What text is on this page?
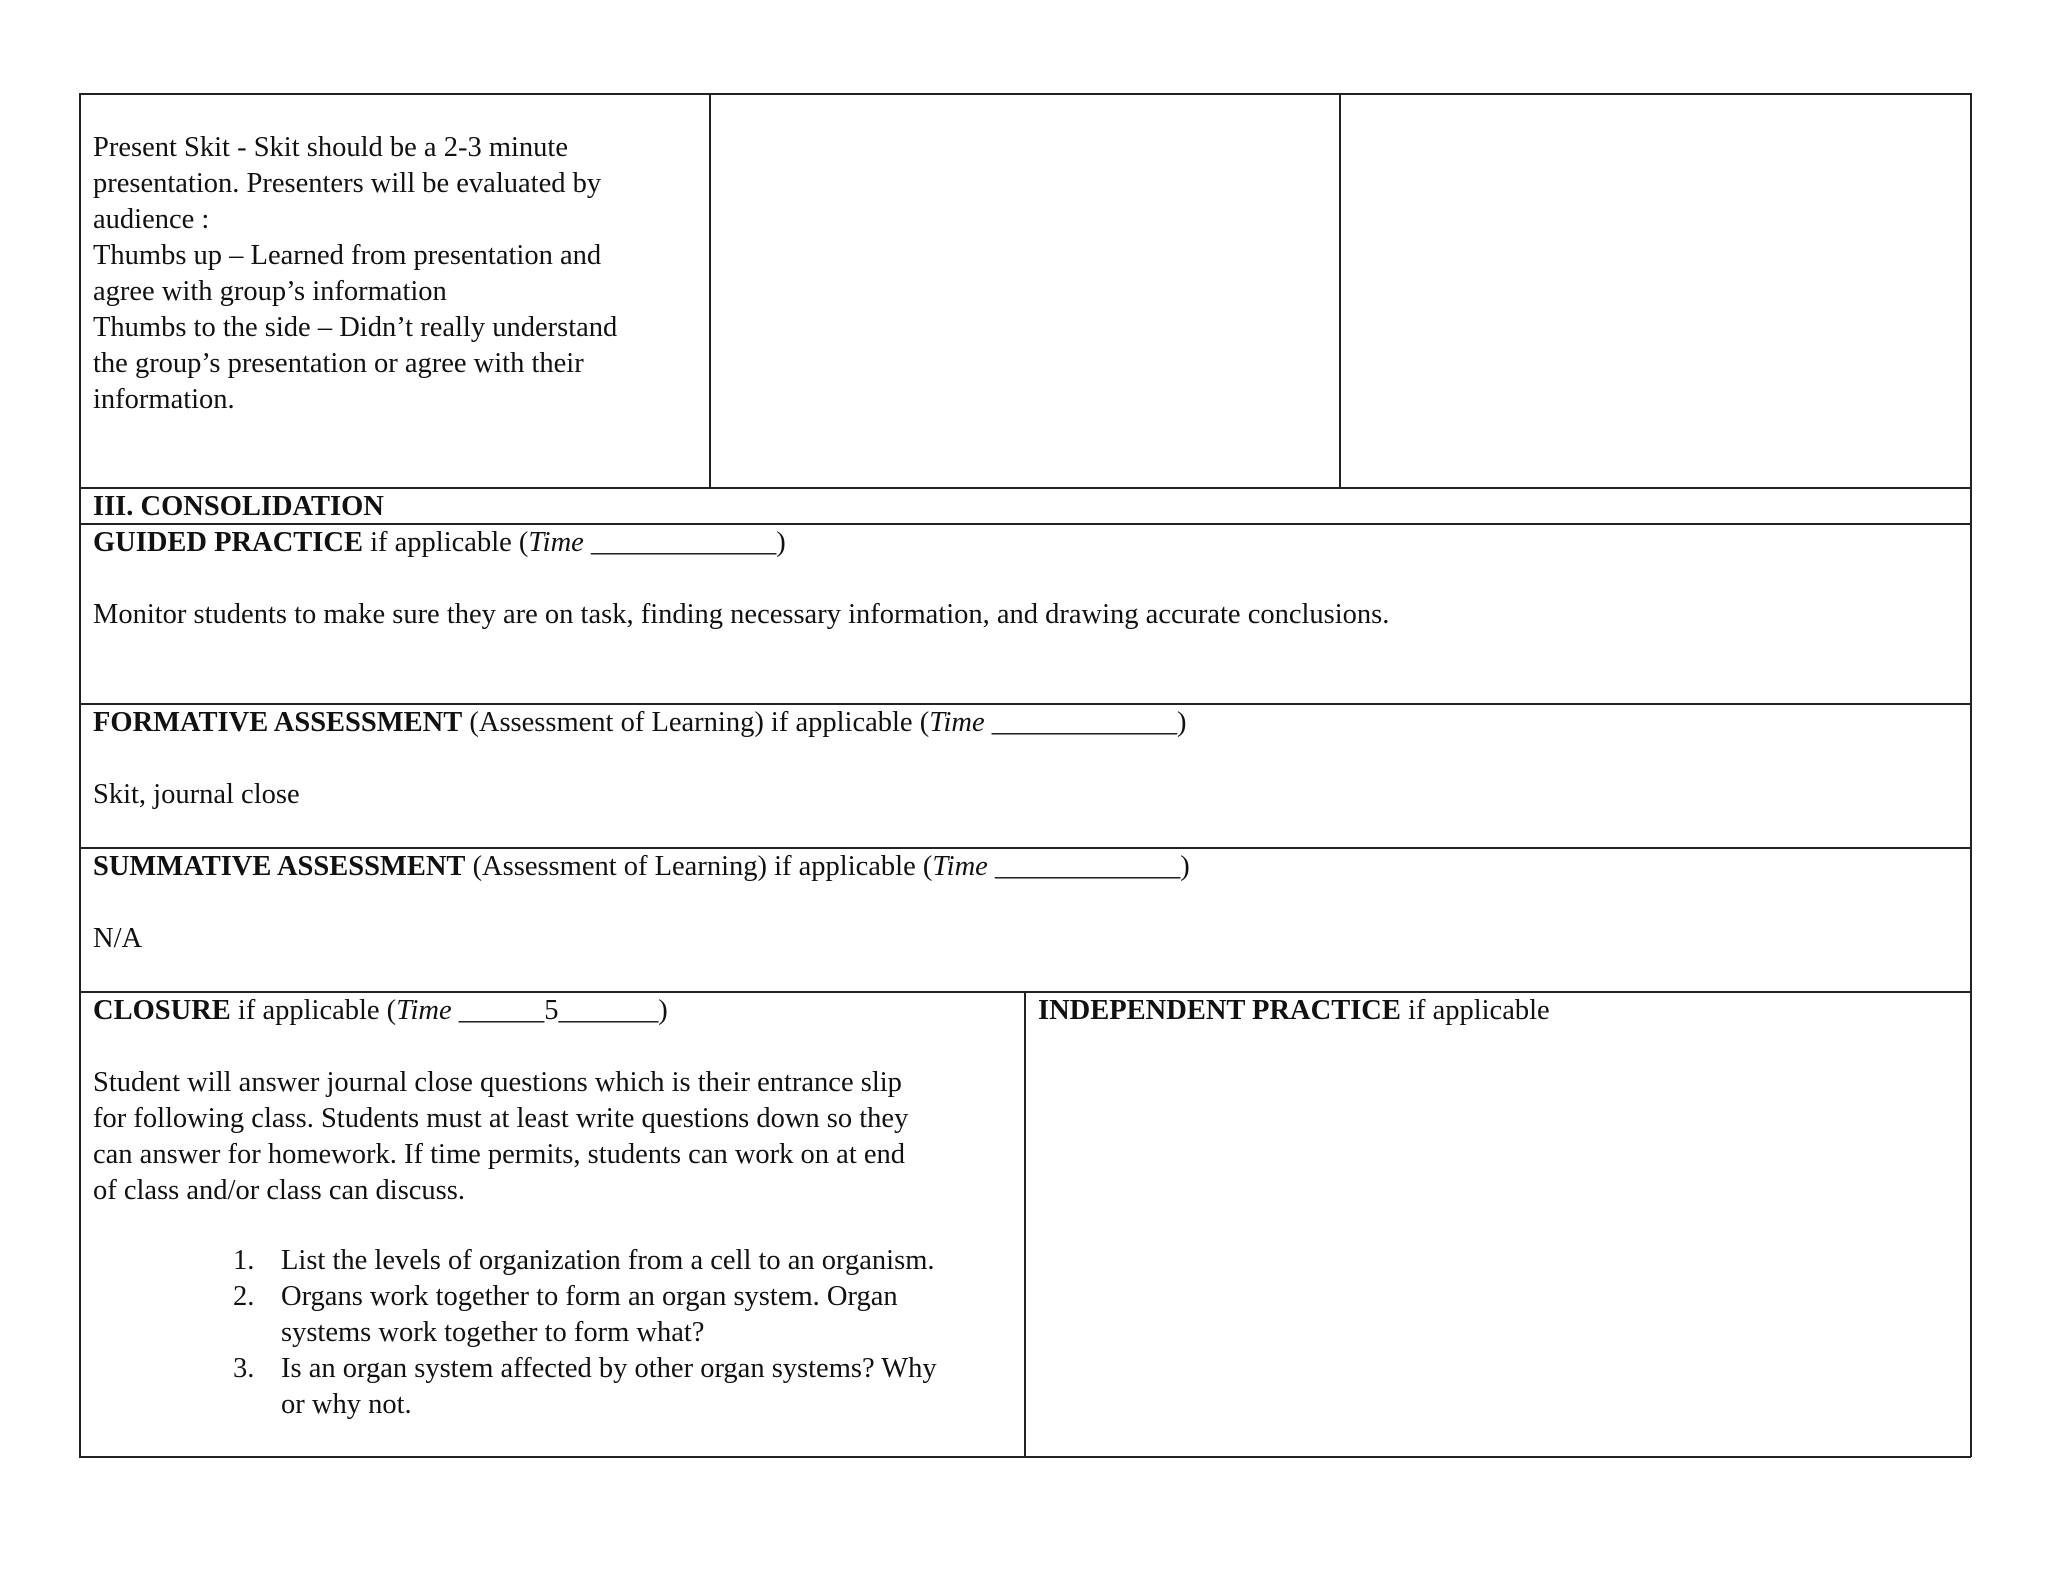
Present Skit - Skit should be a 2-3 minute

presentation. Presenters will be evaluated by

audience :

Thumbs up – Learned from presentation and

agree with group’s information

Thumbs to the side – Didn’t really understand

the group’s presentation or agree with their

information.

III. CONSOLIDATION
GUIDED PRACTICE if applicable (Time _____________)
Monitor students to make sure they are on task, finding necessary information, and drawing accurate conclusions.
FORMATIVE ASSESSMENT (Assessment of Learning) if applicable (Time _____________)
Skit, journal close
SUMMATIVE ASSESSMENT (Assessment of Learning) if applicable (Time _____________)
N/A
CLOSURE if applicable (Time ______5_______)

Student will answer journal close questions which is their entrance slip

for following class. Students must at least write questions down so they

can answer for homework. If time permits, students can work on at end

of class and/or class can discuss.

1. List the levels of organization from a cell to an organism.
2. Organs work together to form an organ system. Organ
systems work together to form what?
3. Is an organ system affected by other organ systems? Why
or why not.
INDEPENDENT PRACTICE if applicable
